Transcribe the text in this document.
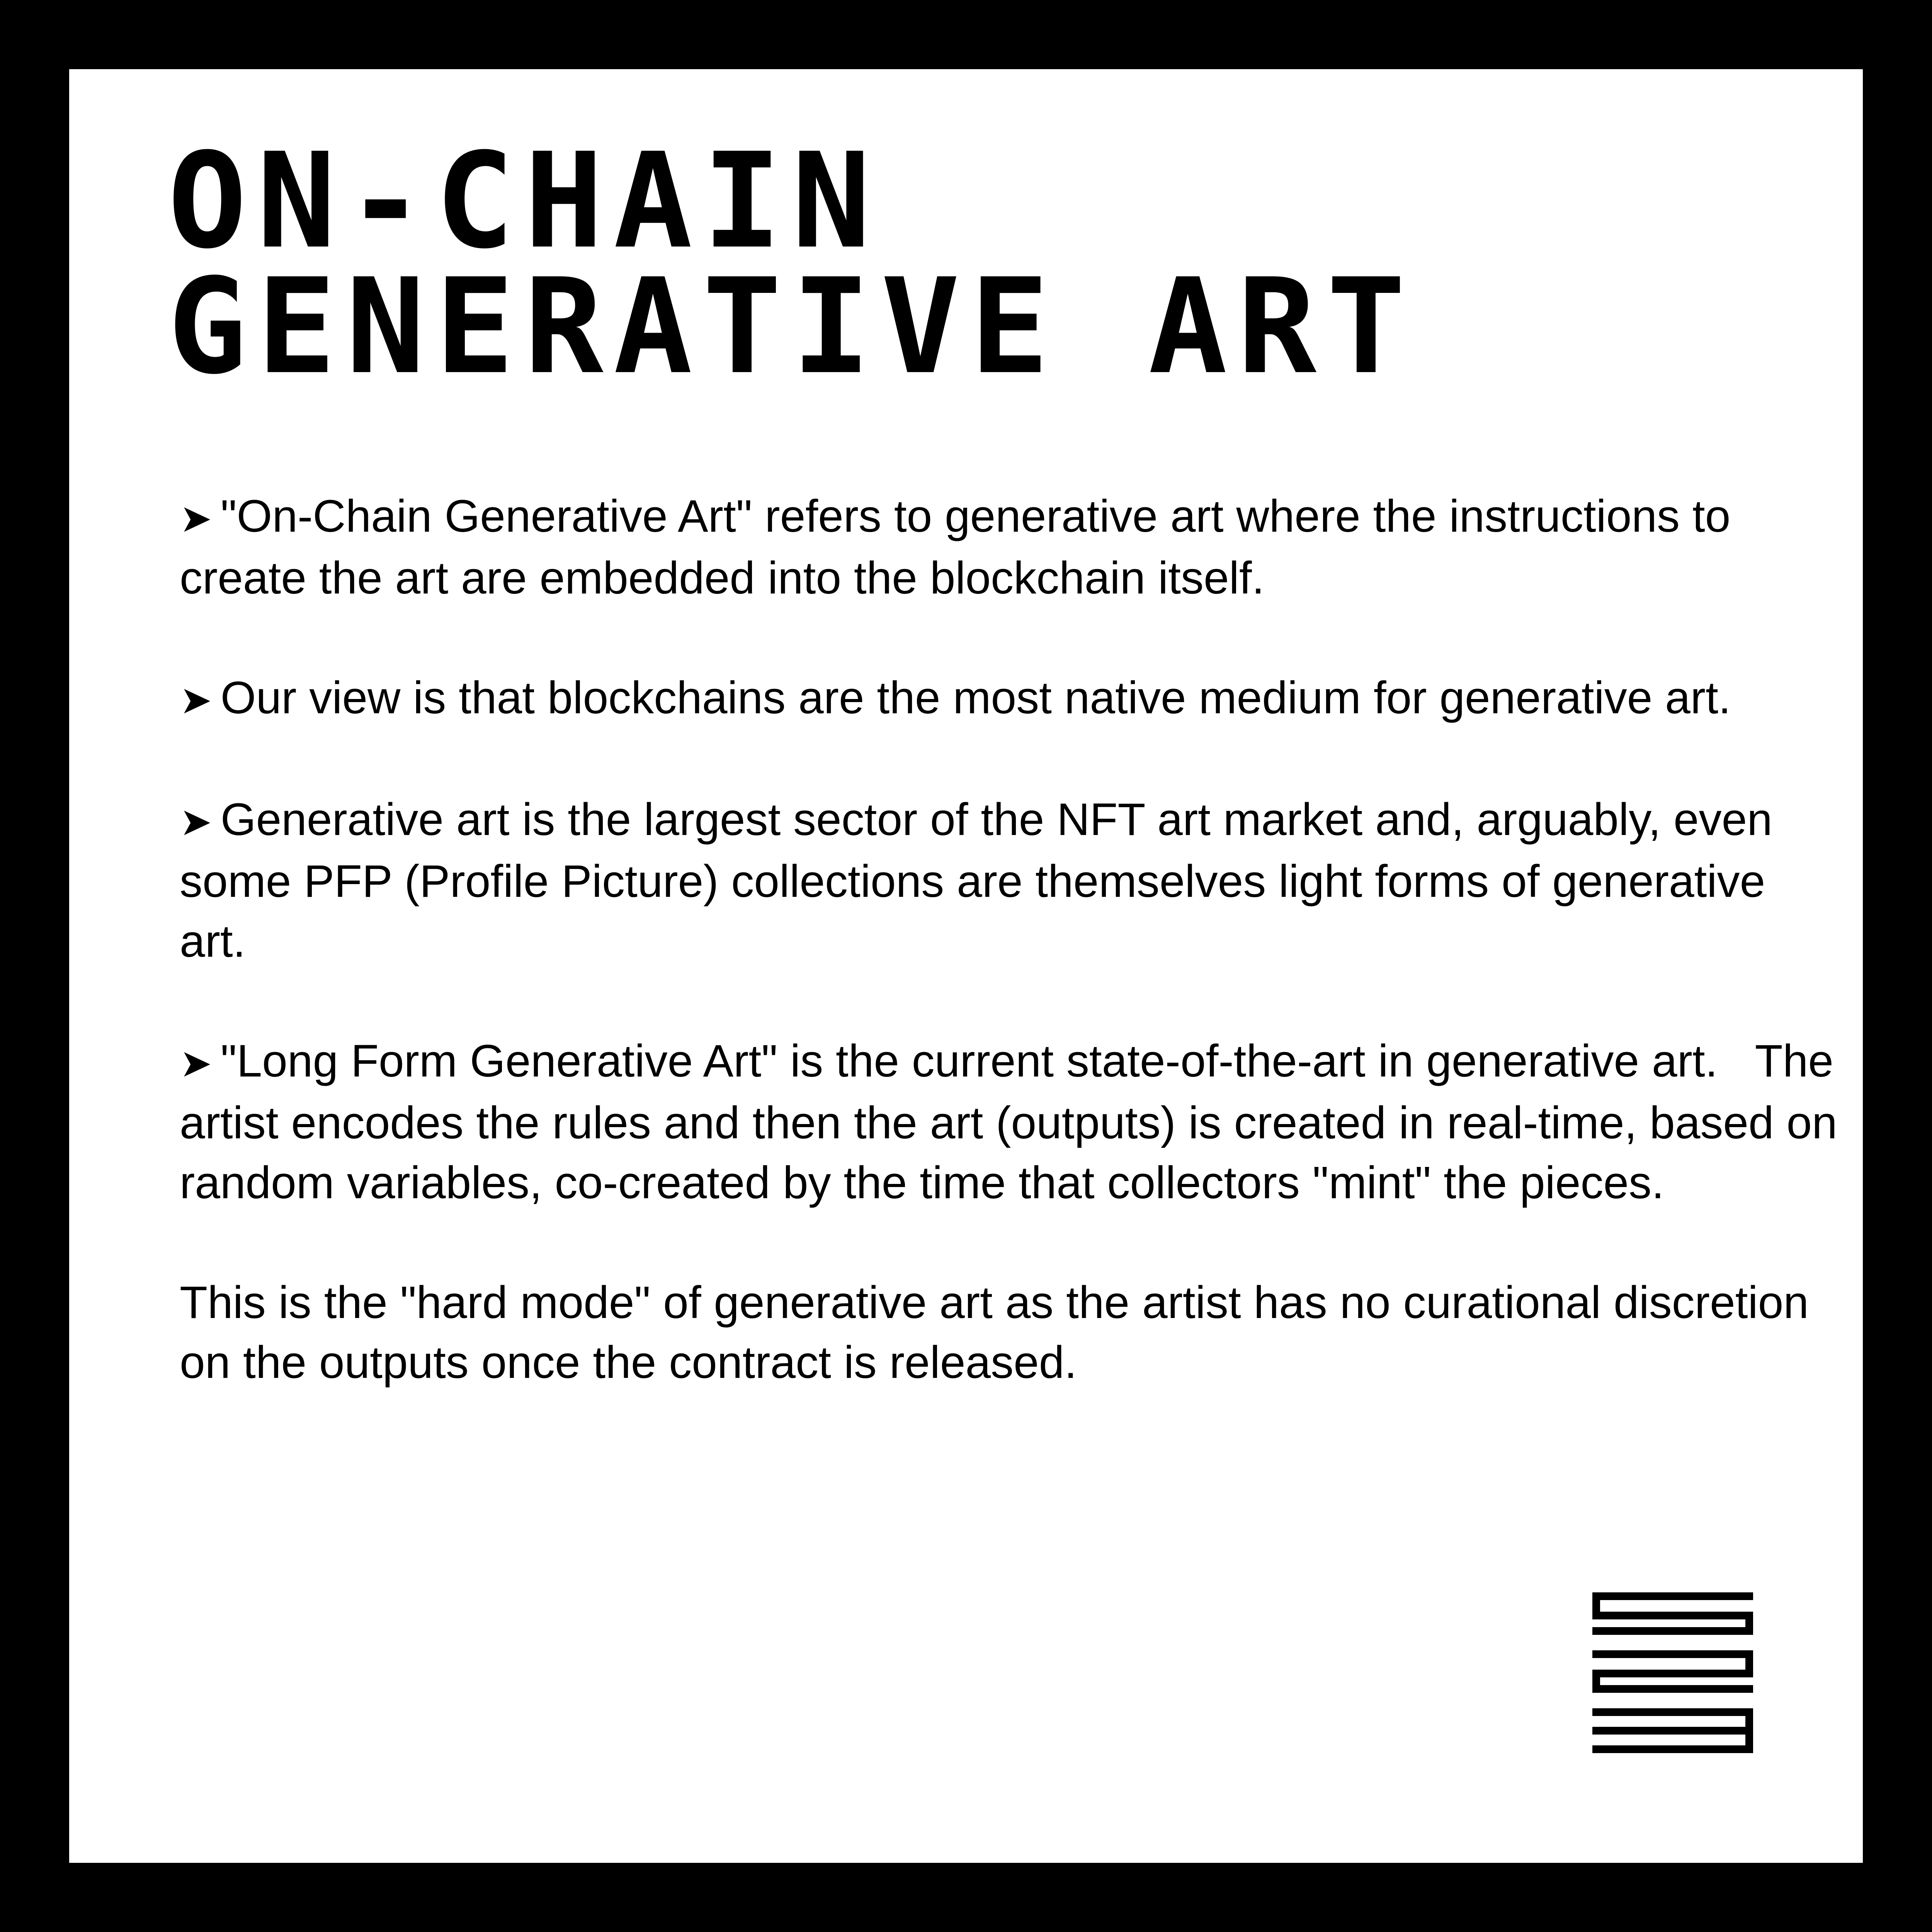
ON-CHAIN
GENERATIVE ART

➤ "On-Chain Generative Art" refers to generative art where the instructions to create the art are embedded into the blockchain itself.

➤ Our view is that blockchains are the most native medium for generative art.

➤ Generative art is the largest sector of the NFT art market and, arguably, even some PFP (Profile Picture) collections are themselves light forms of generative art.

➤ "Long Form Generative Art" is the current state-of-the-art in generative art.   The artist encodes the rules and then the art (outputs) is created in real-time, based on random variables, co-created by the time that collectors "mint" the pieces.

This is the "hard mode" of generative art as the artist has no curational discretion on the outputs once the contract is released.
